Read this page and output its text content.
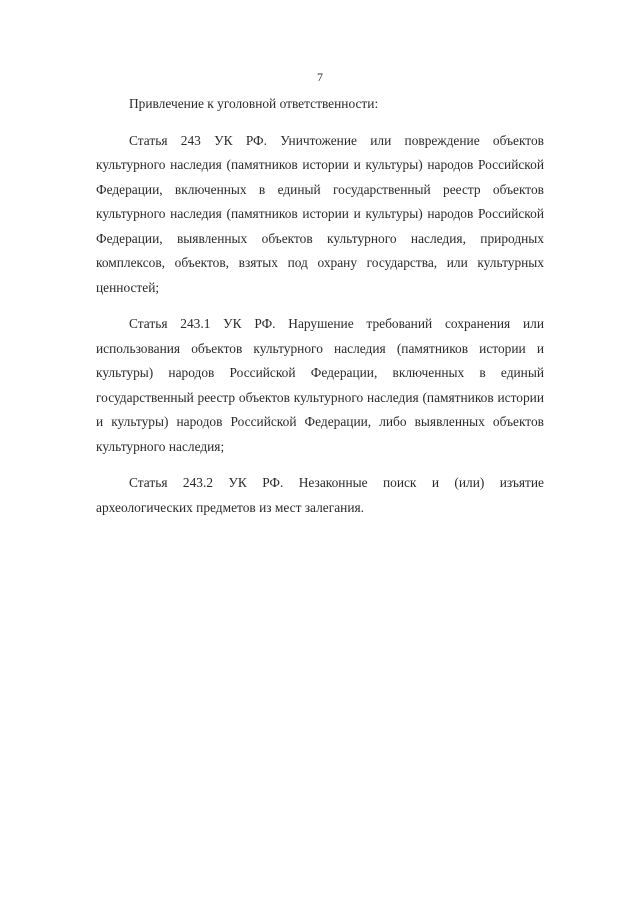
7

Привлечение к уголовной ответственности:

Статья 243 УК РФ. Уничтожение или повреждение объектов культурного наследия (памятников истории и культуры) народов Российской Федерации, включенных в единый государственный реестр объектов культурного наследия (памятников истории и культуры) народов Российской Федерации, выявленных объектов культурного наследия, природных комплексов, объектов, взятых под охрану государства, или культурных ценностей;

Статья 243.1 УК РФ. Нарушение требований сохранения или использования объектов культурного наследия (памятников истории и культуры) народов Российской Федерации, включенных в единый государственный реестр объектов культурного наследия (памятников истории и культуры) народов Российской Федерации, либо выявленных объектов культурного наследия;

Статья 243.2 УК РФ. Незаконные поиск и (или) изъятие археологических предметов из мест залегания.
